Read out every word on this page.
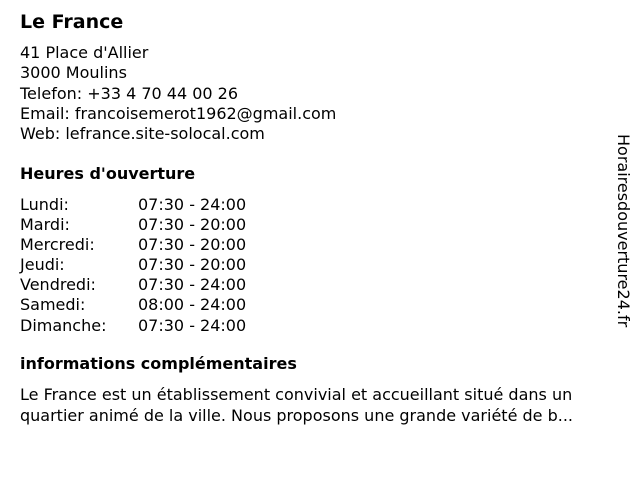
Le France
41 Place d'Allier
3000 Moulins
Telefon: +33 4 70 44 00 26
Email: francoisemerot1962@gmail.com
Web: lefrance.site-solocal.com
Heures d'ouverture
Lundi:	07:30 - 24:00
Mardi:	07:30 - 20:00
Mercredi:	07:30 - 20:00
Jeudi:	07:30 - 20:00
Vendredi:	07:30 - 24:00
Samedi:	08:00 - 24:00
Dimanche: 07:30 - 24:00
informations complémentaires
Le France est un établissement convivial et accueillant situé dans un
quartier animé de la ville. Nous proposons une grande variété de b...
Horairesdouverture24.fr
